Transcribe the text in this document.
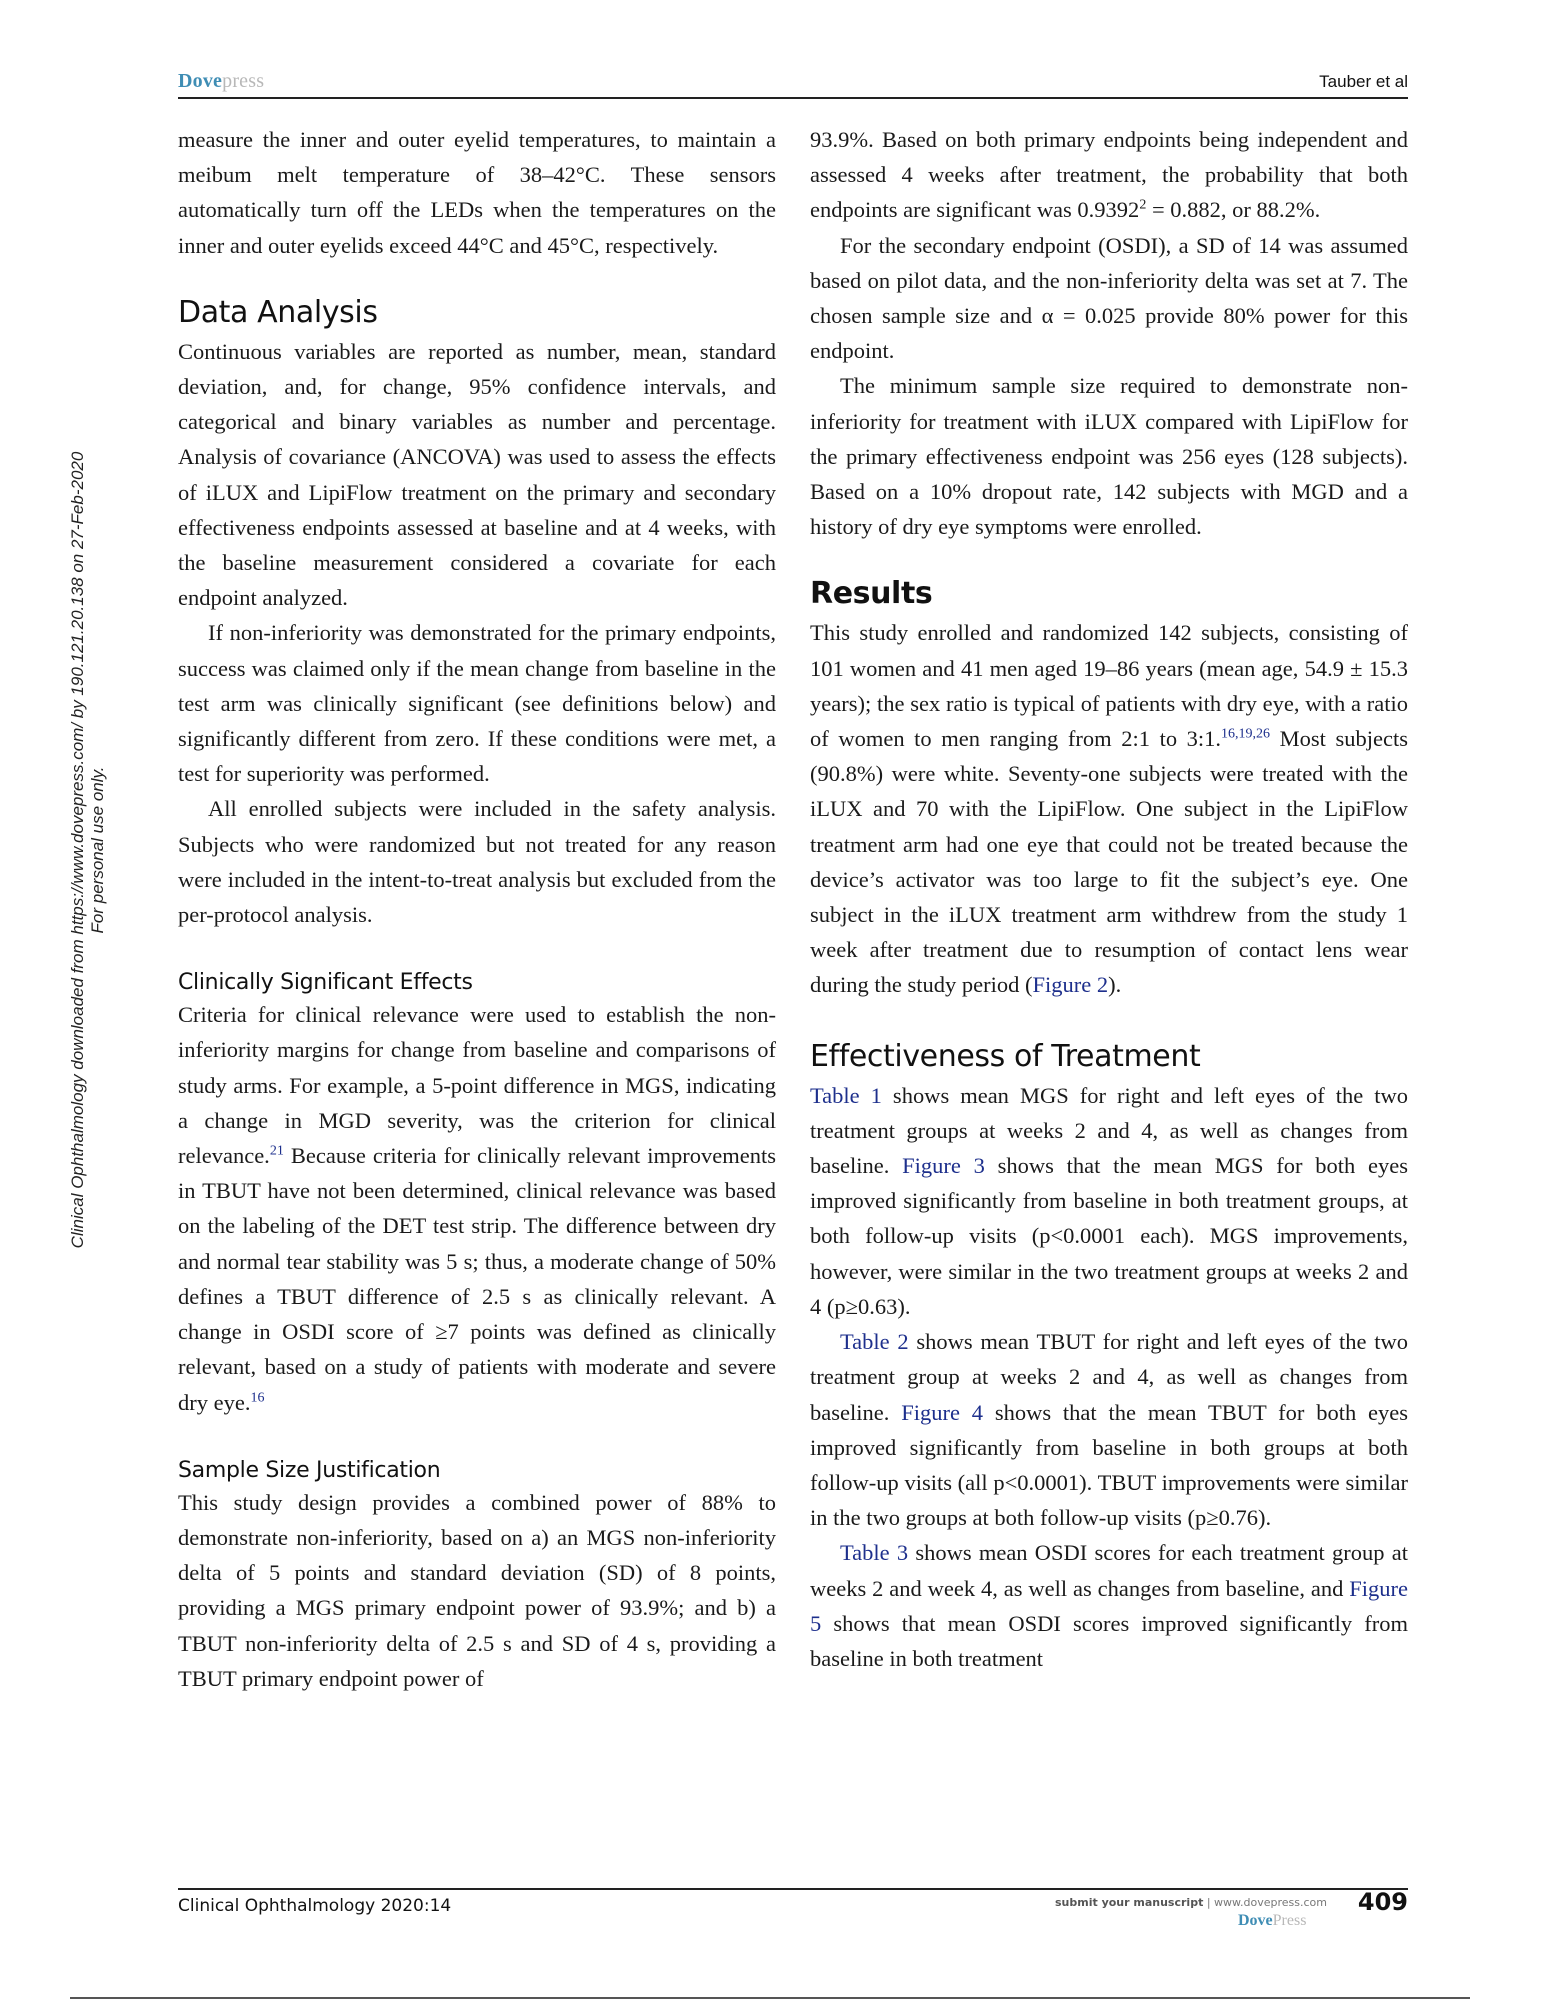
Dovepress	Tauber et al
Clinical Ophthalmology downloaded from https://www.dovepress.com/ by 190.121.20.138 on 27-Feb-2020 For personal use only.

measure the inner and outer eyelid temperatures, to maintain a meibum melt temperature of 38–42°C. These sensors automatically turn off the LEDs when the temperatures on the inner and outer eyelids exceed 44°C and 45°C, respectively.

Data Analysis

Continuous variables are reported as number, mean, standard deviation, and, for change, 95% confidence intervals, and categorical and binary variables as number and percentage. Analysis of covariance (ANCOVA) was used to assess the effects of iLUX and LipiFlow treatment on the primary and secondary effectiveness endpoints assessed at baseline and at 4 weeks, with the baseline measurement considered a covariate for each endpoint analyzed.

If non-inferiority was demonstrated for the primary endpoints, success was claimed only if the mean change from baseline in the test arm was clinically significant (see definitions below) and significantly different from zero. If these conditions were met, a test for superiority was performed.

All enrolled subjects were included in the safety analysis. Subjects who were randomized but not treated for any reason were included in the intent-to-treat analysis but excluded from the per-protocol analysis.

Clinically Significant Effects

Criteria for clinical relevance were used to establish the non-inferiority margins for change from baseline and comparisons of study arms. For example, a 5-point difference in MGS, indicating a change in MGD severity, was the criterion for clinical relevance.$^{21}$ Because criteria for clinically relevant improvements in TBUT have not been determined, clinical relevance was based on the labeling of the DET test strip. The difference between dry and normal tear stability was 5 s; thus, a moderate change of 50% defines a TBUT difference of 2.5 s as clinically relevant. A change in OSDI score of ≥7 points was defined as clinically relevant, based on a study of patients with moderate and severe dry eye.$^{16}$

Sample Size Justification

This study design provides a combined power of 88% to demonstrate non-inferiority, based on a) an MGS non-inferiority delta of 5 points and standard deviation (SD) of 8 points, providing a MGS primary endpoint power of 93.9%; and b) a TBUT non-inferiority delta of 2.5 s and SD of 4 s, providing a TBUT primary endpoint power of

93.9%. Based on both primary endpoints being independent and assessed 4 weeks after treatment, the probability that both endpoints are significant was $0.9392^2 = 0.882$, or 88.2%.

For the secondary endpoint (OSDI), a SD of 14 was assumed based on pilot data, and the non-inferiority delta was set at 7. The chosen sample size and α = 0.025 provide 80% power for this endpoint.

The minimum sample size required to demonstrate non-inferiority for treatment with iLUX compared with LipiFlow for the primary effectiveness endpoint was 256 eyes (128 subjects). Based on a 10% dropout rate, 142 subjects with MGD and a history of dry eye symptoms were enrolled.

Results

This study enrolled and randomized 142 subjects, consisting of 101 women and 41 men aged 19–86 years (mean age, 54.9 ± 15.3 years); the sex ratio is typical of patients with dry eye, with a ratio of women to men ranging from 2:1 to 3:1.$^{16,19,26}$ Most subjects (90.8%) were white. Seventy-one subjects were treated with the iLUX and 70 with the LipiFlow. One subject in the LipiFlow treatment arm had one eye that could not be treated because the device’s activator was too large to fit the subject’s eye. One subject in the iLUX treatment arm withdrew from the study 1 week after treatment due to resumption of contact lens wear during the study period (Figure 2).

Effectiveness of Treatment

Table 1 shows mean MGS for right and left eyes of the two treatment groups at weeks 2 and 4, as well as changes from baseline. Figure 3 shows that the mean MGS for both eyes improved significantly from baseline in both treatment groups, at both follow-up visits (p<0.0001 each). MGS improvements, however, were similar in the two treatment groups at weeks 2 and 4 (p≥0.63).

Table 2 shows mean TBUT for right and left eyes of the two treatment group at weeks 2 and 4, as well as changes from baseline. Figure 4 shows that the mean TBUT for both eyes improved significantly from baseline in both groups at both follow-up visits (all p<0.0001). TBUT improvements were similar in the two groups at both follow-up visits (p≥0.76).

Table 3 shows mean OSDI scores for each treatment group at weeks 2 and week 4, as well as changes from baseline, and Figure 5 shows that mean OSDI scores improved significantly from baseline in both treatment

Clinical Ophthalmology 2020:14	submit your manuscript | www.dovepress.com 409
DovePress
